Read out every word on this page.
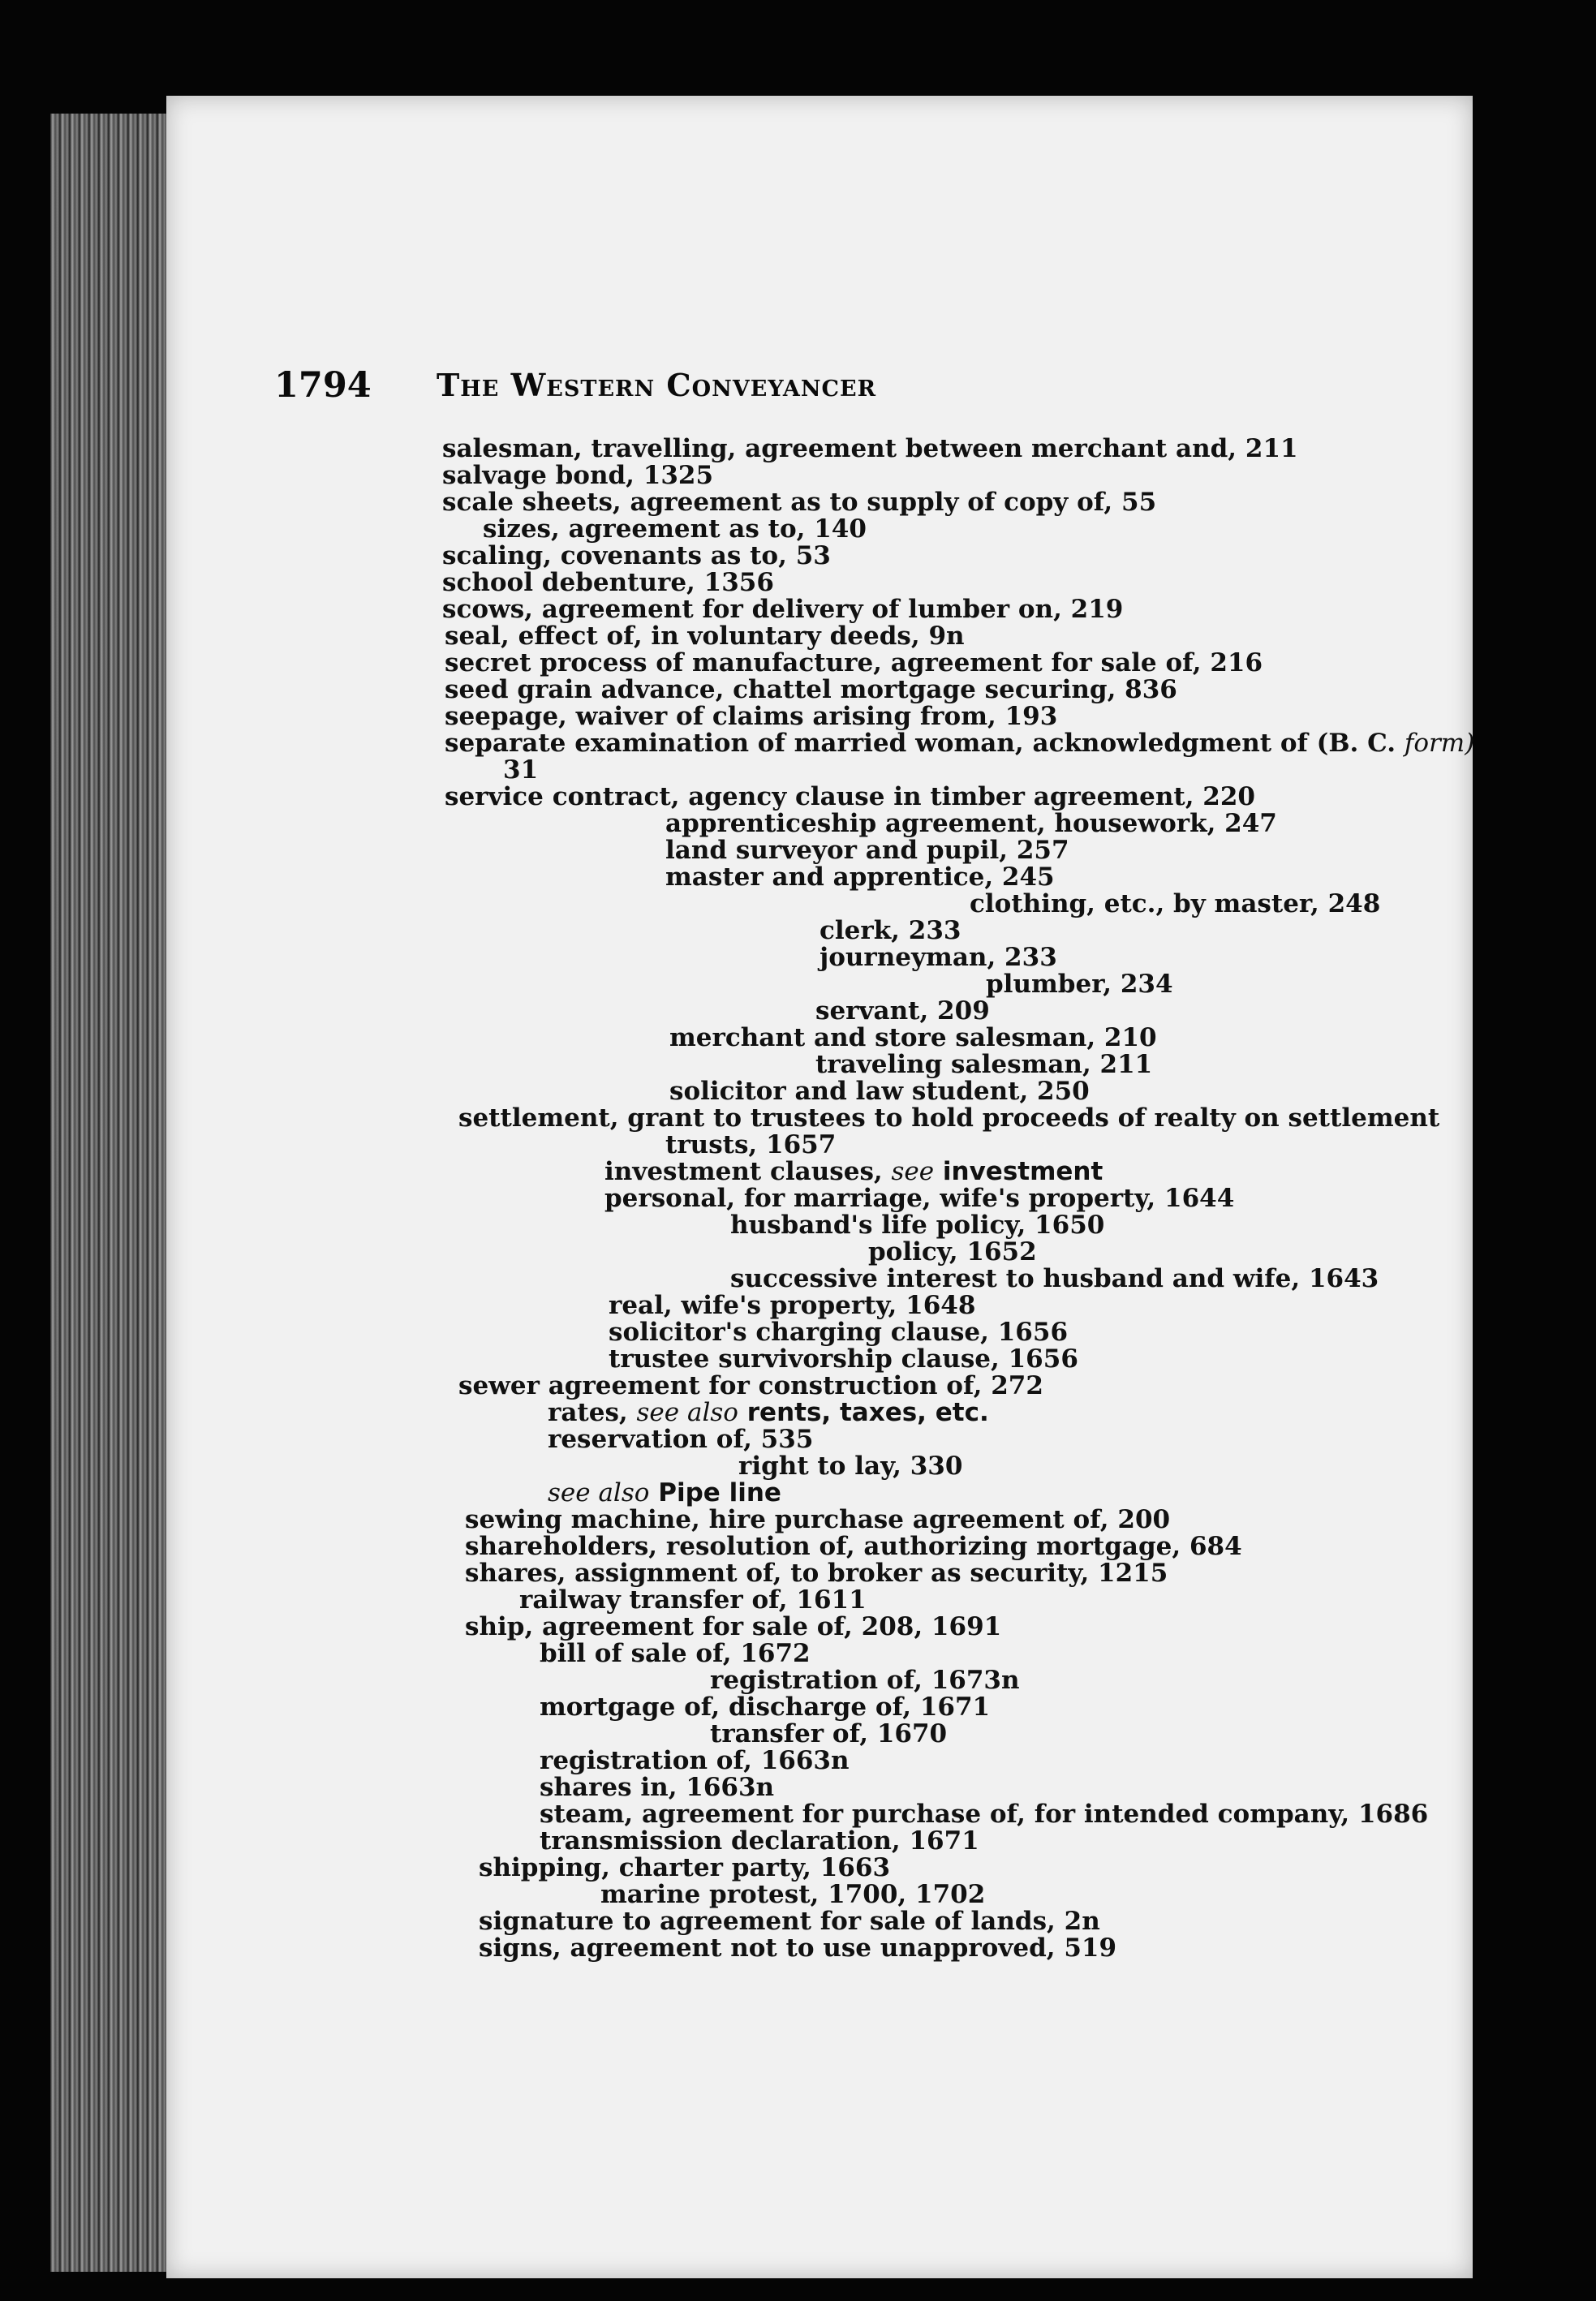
1794 The Western Conveyancer
salesman, travelling, agreement between merchant and, 211
salvage bond, 1325
scale sheets, agreement as to supply of copy of, 55
sizes, agreement as to, 140
scaling, covenants as to, 53
school debenture, 1356
scows, agreement for delivery of lumber on, 219
seal, effect of, in voluntary deeds, 9n
secret process of manufacture, agreement for sale of, 216
seed grain advance, chattel mortgage securing, 836
seepage, waiver of claims arising from, 193
separate examination of married woman, acknowledgment of (B. C. form)
31
service contract, agency clause in timber agreement, 220
apprenticeship agreement, housework, 247
land surveyor and pupil, 257
master and apprentice, 245
clothing, etc., by master, 248
clerk, 233
journeyman, 233
plumber, 234
servant, 209
merchant and store salesman, 210
traveling salesman, 211
solicitor and law student, 250
settlement, grant to trustees to hold proceeds of realty on settlement
trusts, 1657
investment clauses, see investment
personal, for marriage, wife's property, 1644
husband's life policy, 1650
policy, 1652
successive interest to husband and wife, 1643
real, wife's property, 1648
solicitor's charging clause, 1656
trustee survivorship clause, 1656
sewer agreement for construction of, 272
rates, see also rents, taxes, etc.
reservation of, 535
right to lay, 330
see also Pipe line
sewing machine, hire purchase agreement of, 200
shareholders, resolution of, authorizing mortgage, 684
shares, assignment of, to broker as security, 1215
railway transfer of, 1611
ship, agreement for sale of, 208, 1691
bill of sale of, 1672
registration of, 1673n
mortgage of, discharge of, 1671
transfer of, 1670
registration of, 1663n
shares in, 1663n
steam, agreement for purchase of, for intended company, 1686
transmission declaration, 1671
shipping, charter party, 1663
marine protest, 1700, 1702
signature to agreement for sale of lands, 2n
signs, agreement not to use unapproved, 519
